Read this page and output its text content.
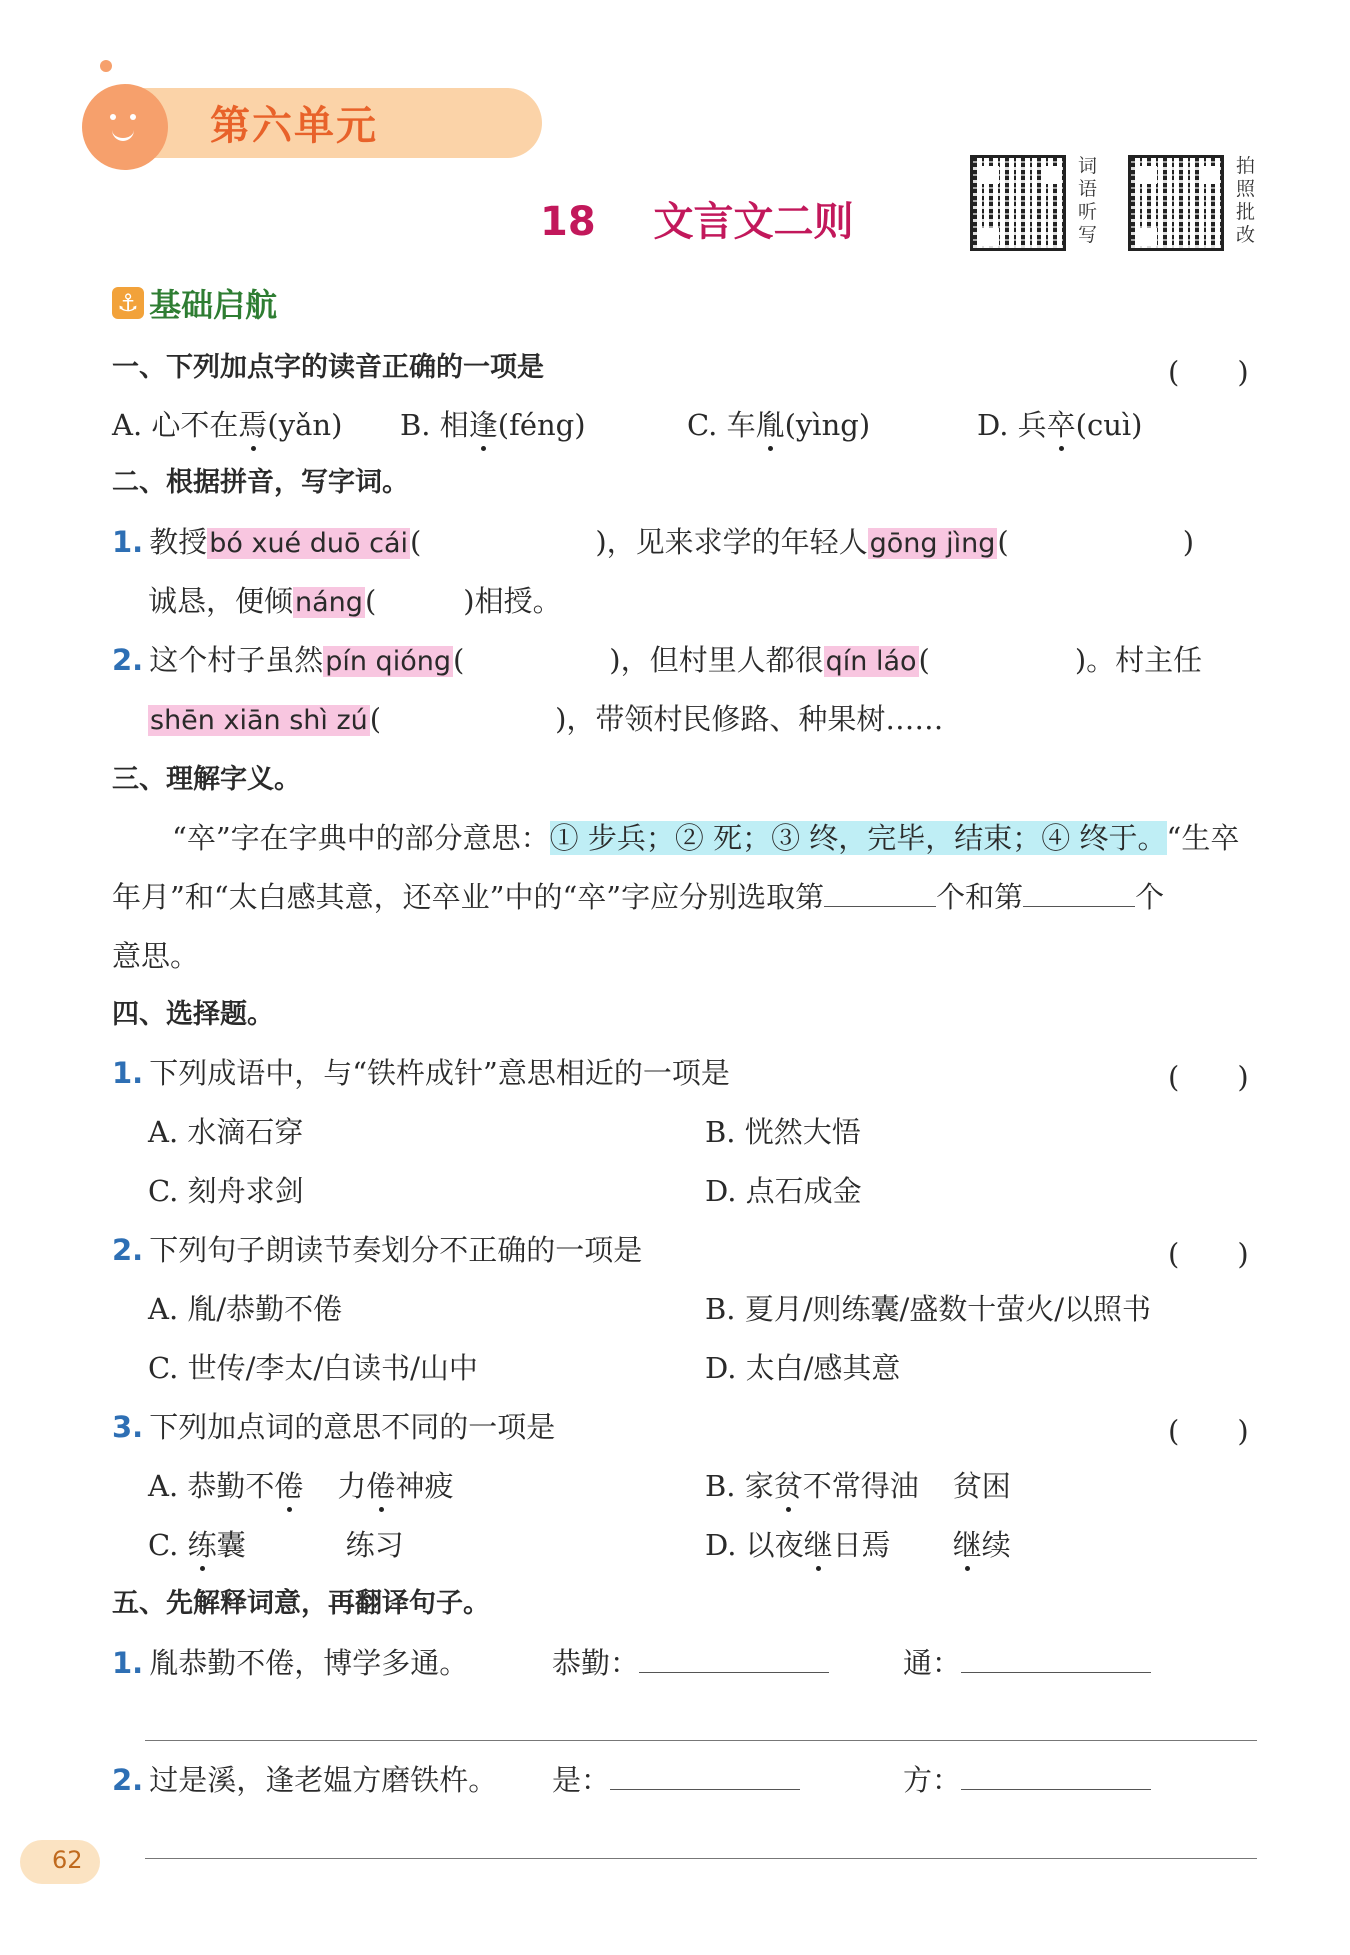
第六单元
18 文言文二则
词语听写
拍照批改
⚓ 基础启航
一、下列加点字的读音正确的一项是	(　　)
A. 心不在焉(yǎn) B. 相逢(féng)	C. 车胤(yìng)	D. 兵卒(cuì)
二、根据拼音，写字词。
1. 教授bó xué duō cái(　　　　　　)，见来求学的年轻人gōng jìng(　　　　　　)
诚恳，便倾náng(　　　)相授。
2. 这个村子虽然pín qióng(　　　　　)，但村里人都很qín láo(　　　　　)。村主任
shēn xiān shì zú(　　　　　　)，带领村民修路、种果树……
三、理解字义。
“卒”字在字典中的部分意思：① 步兵；② 死；③ 终，完毕，结束；④ 终于。“生卒
年月”和“太白感其意，还卒业”中的“卒”字应分别选取第	个和第	个
意思。
四、选择题。
1. 下列成语中，与“铁杵成针”意思相近的一项是	(　　)
A. 水滴石穿	B. 恍然大悟
C. 刻舟求剑	D. 点石成金
2. 下列句子朗读节奏划分不正确的一项是	(　　)
A. 胤/恭勤不倦	B. 夏月/则练囊/盛数十萤火/以照书
C. 世传/李太/白读书/山中	D. 太白/感其意
3. 下列加点词的意思不同的一项是	(　　)
A. 恭勤不倦 力倦神疲	B. 家贫不常得油 贫困
C. 练囊	练习	D. 以夜继日焉 继续
五、先解释词意，再翻译句子。
1. 胤恭勤不倦，博学多通。	恭勤：	通：
2. 过是溪，逢老媪方磨铁杵。 是：	方：
62
